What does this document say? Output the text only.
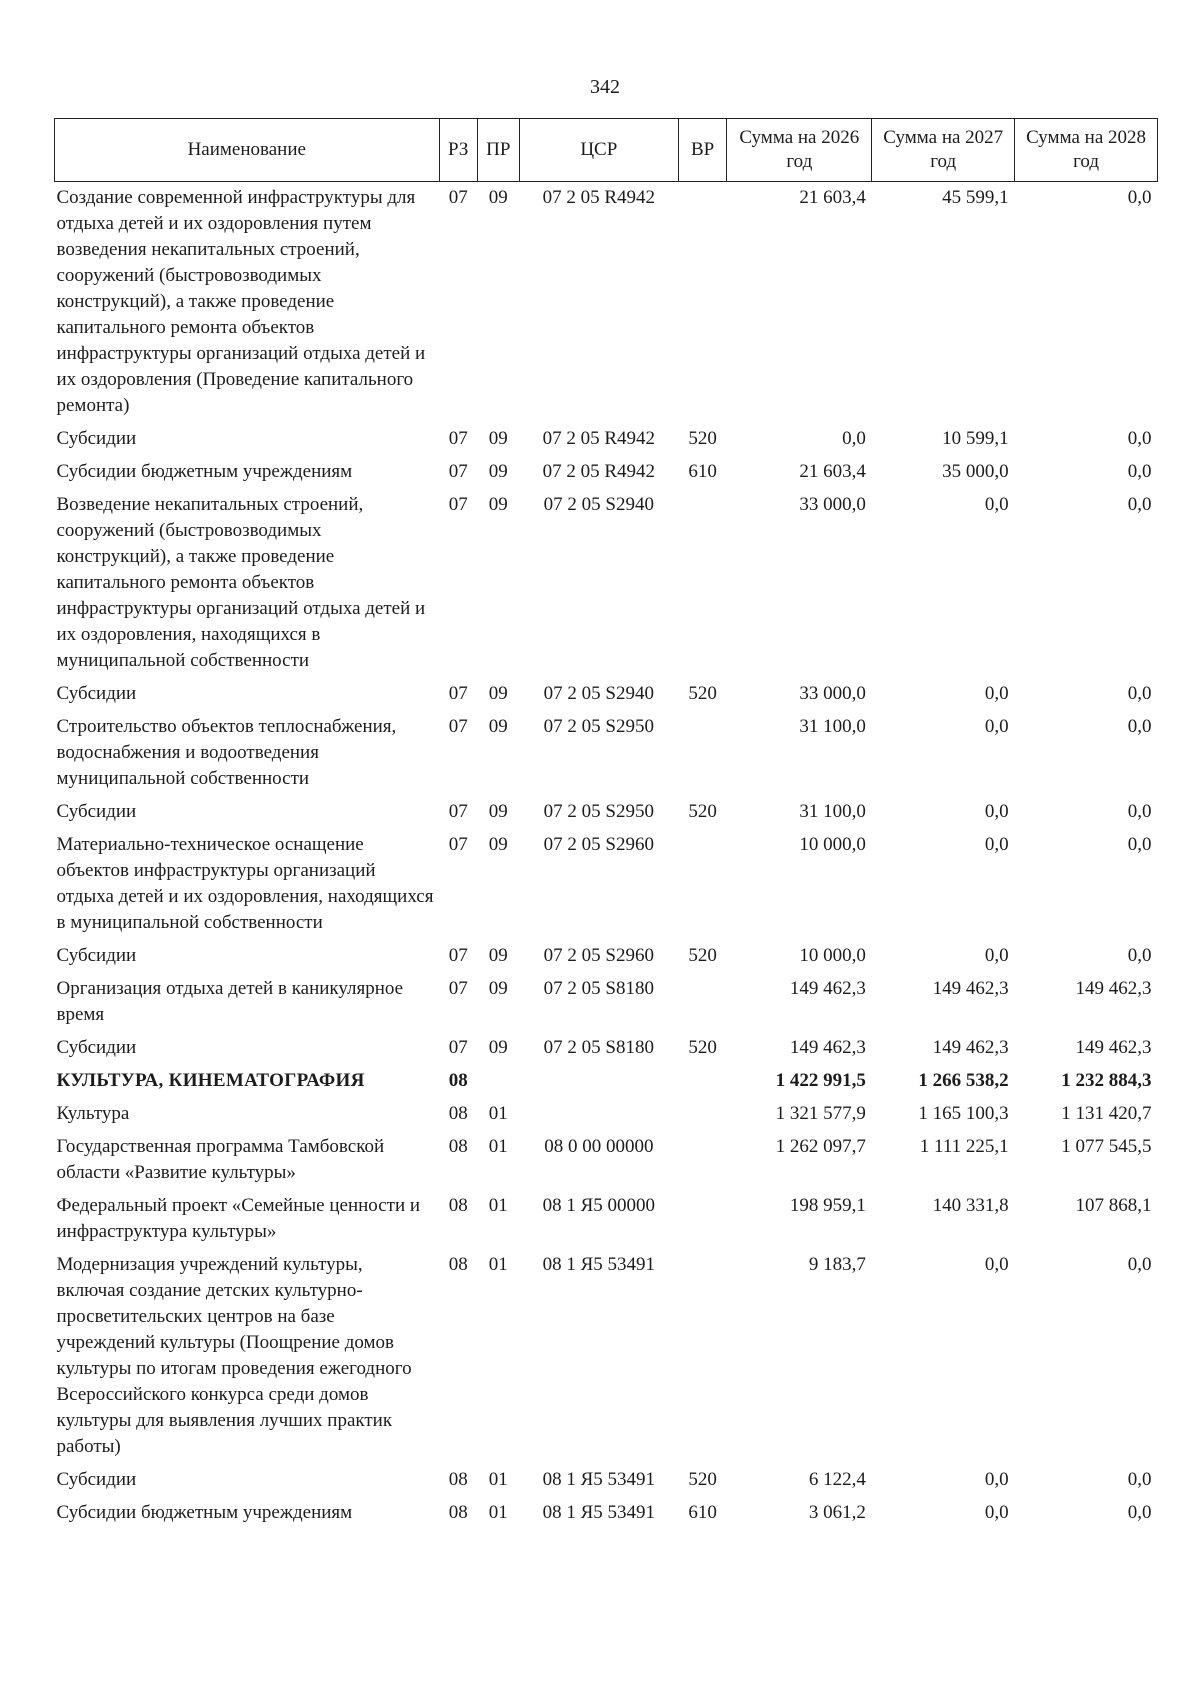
342
Наименование	РЗ	ПР	ЦСР	ВР	Сумма на 2026 год	Сумма на 2027 год	Сумма на 2028 год
Создание современной инфраструктуры для отдыха детей и их оздоровления путем возведения некапитальных строений, сооружений (быстровозводимых конструкций), а также проведение капитального ремонта объектов инфраструктуры организаций отдыха детей и их оздоровления (Проведение капитального ремонта)	07	09	07 2 05 R4942		21 603,4	45 599,1	0,0
Субсидии	07	09	07 2 05 R4942	520	0,0	10 599,1	0,0
Субсидии бюджетным учреждениям	07	09	07 2 05 R4942	610	21 603,4	35 000,0	0,0
Возведение некапитальных строений, сооружений (быстровозводимых конструкций), а также проведение капитального ремонта объектов инфраструктуры организаций отдыха детей и их оздоровления, находящихся в муниципальной собственности	07	09	07 2 05 S2940		33 000,0	0,0	0,0
Субсидии	07	09	07 2 05 S2940	520	33 000,0	0,0	0,0
Строительство объектов теплоснабжения, водоснабжения и водоотведения муниципальной собственности	07	09	07 2 05 S2950		31 100,0	0,0	0,0
Субсидии	07	09	07 2 05 S2950	520	31 100,0	0,0	0,0
Материально-техническое оснащение объектов инфраструктуры организаций отдыха детей и их оздоровления, находящихся в муниципальной собственности	07	09	07 2 05 S2960		10 000,0	0,0	0,0
Субсидии	07	09	07 2 05 S2960	520	10 000,0	0,0	0,0
Организация отдыха детей в каникулярное время	07	09	07 2 05 S8180		149 462,3	149 462,3	149 462,3
Субсидии	07	09	07 2 05 S8180	520	149 462,3	149 462,3	149 462,3
КУЛЬТУРА, КИНЕМАТОГРАФИЯ	08				1 422 991,5	1 266 538,2	1 232 884,3
Культура	08	01			1 321 577,9	1 165 100,3	1 131 420,7
Государственная программа Тамбовской области «Развитие культуры»	08	01	08 0 00 00000		1 262 097,7	1 111 225,1	1 077 545,5
Федеральный проект «Семейные ценности и инфраструктура культуры»	08	01	08 1 Я5 00000		198 959,1	140 331,8	107 868,1
Модернизация учреждений культуры, включая создание детских культурно-просветительских центров на базе учреждений культуры (Поощрение домов культуры по итогам проведения ежегодного Всероссийского конкурса среди домов культуры для выявления лучших практик работы)	08	01	08 1 Я5 53491		9 183,7	0,0	0,0
Субсидии	08	01	08 1 Я5 53491	520	6 122,4	0,0	0,0
Субсидии бюджетным учреждениям	08	01	08 1 Я5 53491	610	3 061,2	0,0	0,0
